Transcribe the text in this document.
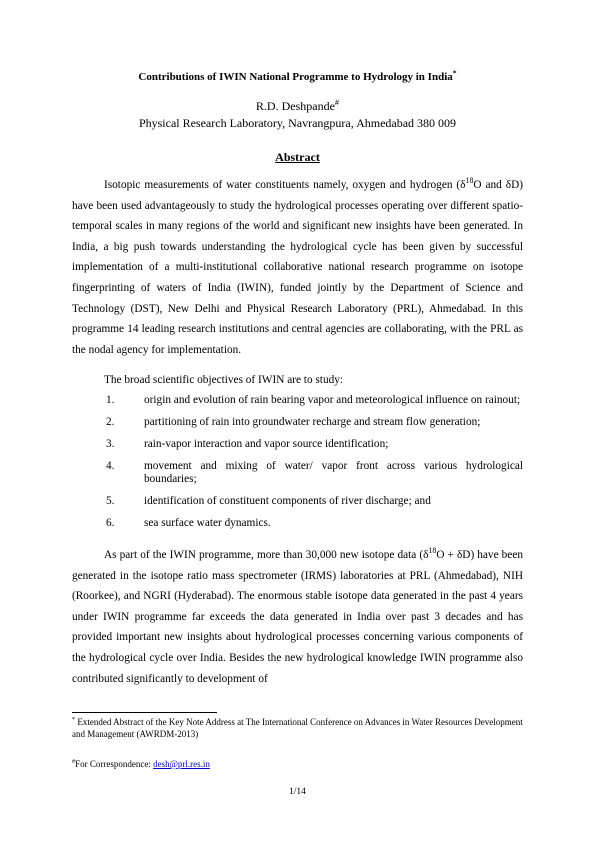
Contributions of IWIN National Programme to Hydrology in India*
R.D. Deshpande#
Physical Research Laboratory, Navrangpura, Ahmedabad 380 009
Abstract

Isotopic measurements of water constituents namely, oxygen and hydrogen ($\delta^{18}O$ and δD) have been used advantageously to study the hydrological processes operating over different spatio-temporal scales in many regions of the world and significant new insights have been generated. In India, a big push towards understanding the hydrological cycle has been given by successful implementation of a multi-institutional collaborative national research programme on isotope fingerprinting of waters of India (IWIN), funded jointly by the Department of Science and Technology (DST), New Delhi and Physical Research Laboratory (PRL), Ahmedabad. In this programme 14 leading research institutions and central agencies are collaborating, with the PRL as the nodal agency for implementation.

The broad scientific objectives of IWIN are to study:

1.	origin and evolution of rain bearing vapor and meteorological influence on rainout;
2.	partitioning of rain into groundwater recharge and stream flow generation;
3.	rain-vapor interaction and vapor source identification;
4.	movement and mixing of water/ vapor front across various hydrological boundaries;
5.	identification of constituent components of river discharge; and
6.	sea surface water dynamics.

As part of the IWIN programme, more than 30,000 new isotope data $(\delta^{18}O + \delta D)$ have been generated in the isotope ratio mass spectrometer (IRMS) laboratories at PRL (Ahmedabad), NIH (Roorkee), and NGRI (Hyderabad). The enormous stable isotope data generated in the past 4 years under IWIN programme far exceeds the data generated in India over past 3 decades and has provided important new insights about hydrological processes concerning various components of the hydrological cycle over India. Besides the new hydrological knowledge IWIN programme also contributed significantly to development of

* Extended Abstract of the Key Note Address at The International Conference on Advances in Water Resources Development and Management (AWRDM-2013)
#For Correspondence: desh@prl.res.in
1/14
